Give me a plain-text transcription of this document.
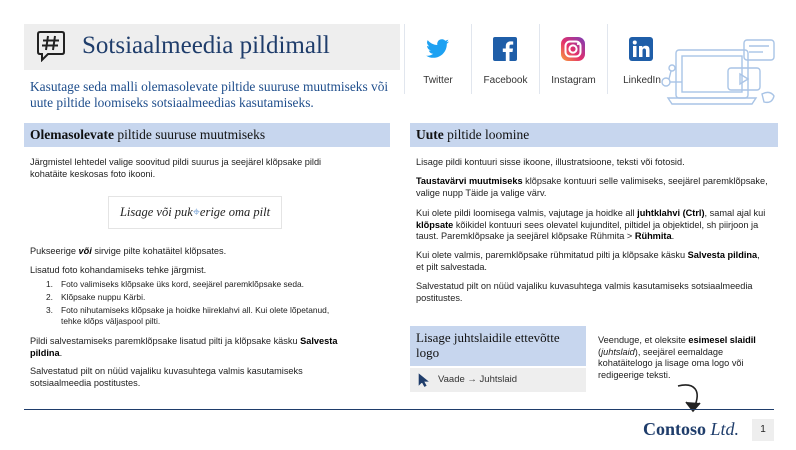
Sotsiaalmeedia pildimall
Kasutage seda malli olemasolevate piltide suuruse muutmiseks või uute piltide loomiseks sotsiaalmeedias kasutamiseks.
Twitter	Facebook	Instagram	LinkedIn
Olemasolevate piltide suuruse muutmiseks
Järgmistel lehtedel valige soovitud pildi suurus ja seejärel klõpsake pildi kohatäite keskosas foto ikooni.
Lisage või puk⌖erige oma pilt
Pukseerige või sirvige pilte kohatäitel klõpsates.
Lisatud foto kohandamiseks tehke järgmist.
1. Foto valimiseks klõpsake üks kord, seejärel paremklõpsake seda.
2. Klõpsake nuppu Kärbi.
3. Foto nihutamiseks klõpsake ja hoidke hiireklahvi all. Kui olete lõpetanud, tehke klõps väljaspool pilti.
Pildi salvestamiseks paremklõpsake lisatud pilti ja klõpsake käsku Salvesta pildina.
Salvestatud pilt on nüüd vajaliku kuvasuhtega valmis kasutamiseks sotsiaalmeedia postitustes.
Uute piltide loomine
Lisage pildi kontuuri sisse ikoone, illustratsioone, teksti või fotosid.
Taustavärvi muutmiseks klõpsake kontuuri selle valimiseks, seejärel paremklõpsake, valige nupp Täide ja valige värv.
Kui olete pildi loomisega valmis, vajutage ja hoidke all juhtklahvi (Ctrl), samal ajal kui klõpsate kõikidel kontuuri sees olevatel kujunditel, piltidel ja objektidel, sh piirjoon ja taust. Paremklõpsake ja seejärel klõpsake Rühmita > Rühmita.
Kui olete valmis, paremklõpsake rühmitatud pilti ja klõpsake käsku Salvesta pildina, et pilt salvestada.
Salvestatud pilt on nüüd vajaliku kuvasuhtega valmis kasutamiseks sotsiaalmeedia postitustes.
Lisage juhtslaidile ettevõtte logo
Vaade → Juhtslaid
Veenduge, et oleksite esimesel slaidil (juhtslaid), seejärel eemaldage kohatäitelogo ja lisage oma logo või redigeerige teksti.
Contoso Ltd.	1
